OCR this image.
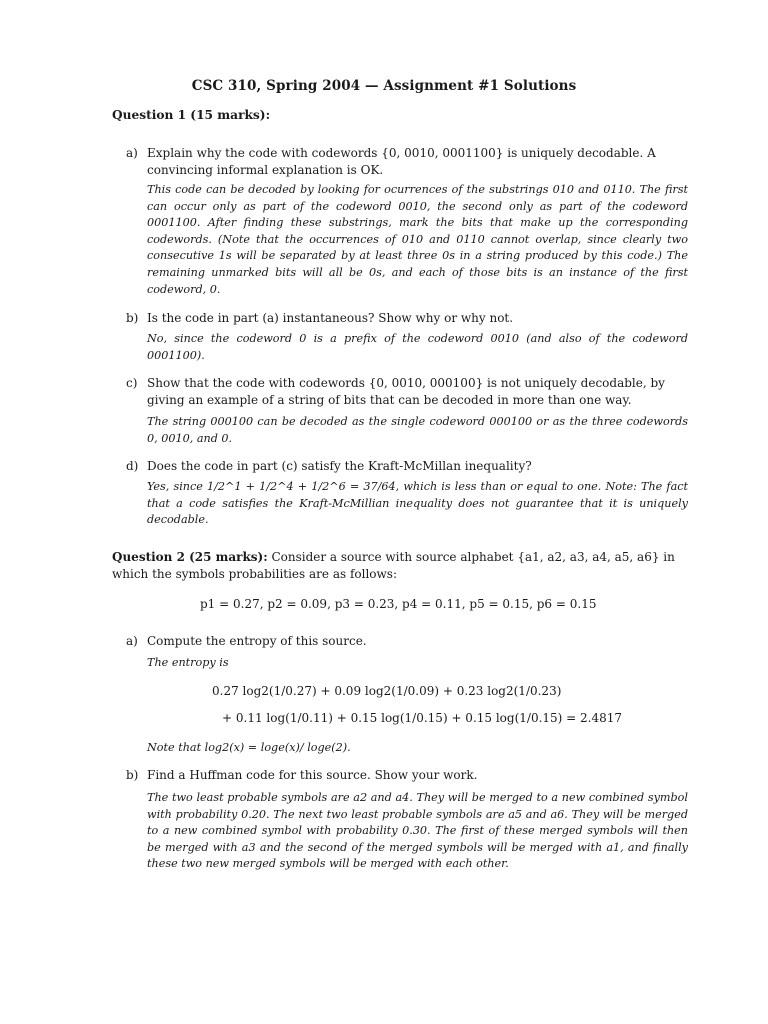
CSC 310, Spring 2004 — Assignment #1 Solutions
Question 1 (15 marks):
a) Explain why the code with codewords {0, 0010, 0001100} is uniquely decodable. A convincing informal explanation is OK.
This code can be decoded by looking for ocurrences of the substrings 010 and 0110. The first can occur only as part of the codeword 0010, the second only as part of the codeword 0001100. After finding these substrings, mark the bits that make up the corresponding codewords. (Note that the occurrences of 010 and 0110 cannot overlap, since clearly two consecutive 1s will be separated by at least three 0s in a string produced by this code.) The remaining unmarked bits will all be 0s, and each of those bits is an instance of the first codeword, 0.
b) Is the code in part (a) instantaneous? Show why or why not.
No, since the codeword 0 is a prefix of the codeword 0010 (and also of the codeword 0001100).
c) Show that the code with codewords {0, 0010, 000100} is not uniquely decodable, by giving an example of a string of bits that can be decoded in more than one way.
The string 000100 can be decoded as the single codeword 000100 or as the three codewords 0, 0010, and 0.
d) Does the code in part (c) satisfy the Kraft-McMillan inequality?
Yes, since 1/2^1 + 1/2^4 + 1/2^6 = 37/64, which is less than or equal to one. Note: The fact that a code satisfies the Kraft-McMillian inequality does not guarantee that it is uniquely decodable.
Question 2 (25 marks): Consider a source with source alphabet {a1, a2, a3, a4, a5, a6} in which the symbols probabilities are as follows:
p1 = 0.27, p2 = 0.09, p3 = 0.23, p4 = 0.11, p5 = 0.15, p6 = 0.15
a) Compute the entropy of this source.
The entropy is
0.27 log2(1/0.27) + 0.09 log2(1/0.09) + 0.23 log2(1/0.23)
+ 0.11 log(1/0.11) + 0.15 log(1/0.15) + 0.15 log(1/0.15) = 2.4817
Note that log2(x) = loge(x)/ loge(2).
b) Find a Huffman code for this source. Show your work.
The two least probable symbols are a2 and a4. They will be merged to a new combined symbol with probability 0.20. The next two least probable symbols are a5 and a6. They will be merged to a new combined symbol with probability 0.30. The first of these merged symbols will then be merged with a3 and the second of the merged symbols will be merged with a1, and finally these two new merged symbols will be merged with each other.
